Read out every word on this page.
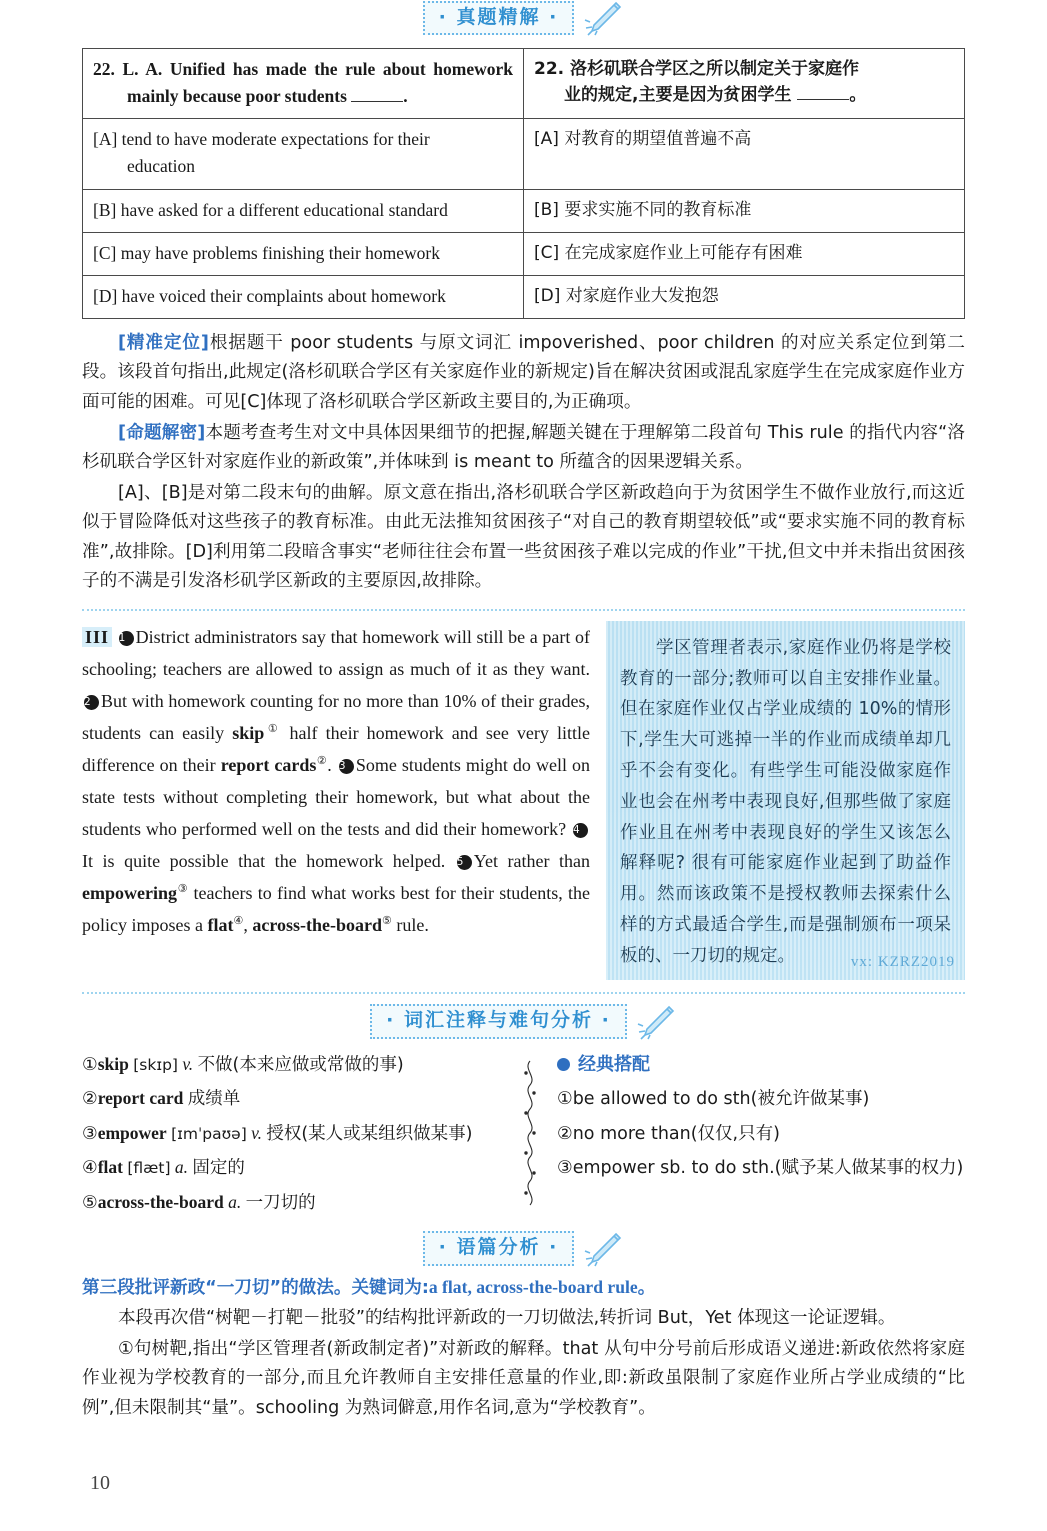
· 真题精解 ·
22. L. A. Unified has made the rule about homework
mainly because poor students .	22. 洛杉矶联合学区之所以制定关于家庭作
业的规定,主要是因为贫困学生 。

[A] tend to have moderate expectations for their
education	[A] 对教育的期望值普遍不高
[B] have asked for a different educational standard	[B] 要求实施不同的教育标准
[C] may have problems finishing their homework	[C] 在完成家庭作业上可能存有困难
[D] have voiced their complaints about homework	[D] 对家庭作业大发抱怨

[精准定位]根据题干 poor students 与原文词汇 impoverished、poor children 的对应关系定位到第二段。该段首句指出,此规定(洛杉矶联合学区有关家庭作业的新规定)旨在解决贫困或混乱家庭学生在完成家庭作业方面可能的困难。可见[C]体现了洛杉矶联合学区新政主要目的,为正确项。

[命题解密]本题考查考生对文中具体因果细节的把握,解题关键在于理解第二段首句 This rule 的指代内容“洛杉矶联合学区针对家庭作业的新政策”,并体味到 is meant to 所蕴含的因果逻辑关系。

[A]、[B]是对第二段末句的曲解。原文意在指出,洛杉矶联合学区新政趋向于为贫困学生不做作业放行,而这近似于冒险降低对这些孩子的教育标准。由此无法推知贫困孩子“对自己的教育期望较低”或“要求实施不同的教育标准”,故排除。[D]利用第二段暗含事实“老师往往会布置一些贫困孩子难以完成的作业”干扰,但文中并未指出贫困孩子的不满是引发洛杉矶学区新政的主要原因,故排除。

III 1 District administrators say that homework will still be a part of schooling; teachers are allowed to assign as much of it as they want. 2 But with homework counting for no more than 10% of their grades, students can easily skip① half their homework and see very little difference on their report cards②. 3 Some students might do well on state tests without completing their homework, but what about the students who performed well on the tests and did their homework? 4It is quite possible that the homework helped. 5 Yet rather than empowering③ teachers to find what works best for their students, the policy imposes a flat④, across-the-board⑤ rule.

学区管理者表示,家庭作业仍将是学校教育的一部分;教师可以自主安排作业量。但在家庭作业仅占学业成绩的 10%的情形下,学生大可逃掉一半的作业而成绩单却几乎不会有变化。有些学生可能没做家庭作业也会在州考中表现良好,但那些做了家庭作业且在州考中表现良好的学生又该怎么解释呢? 很有可能家庭作业起到了助益作用。然而该政策不是授权教师去探索什么样的方式最适合学生,而是强制颁布一项呆板的、一刀切的规定。	vx: KZRZ2019
· 词汇注释与难句分析 ·
①skip [skɪp] v. 不做(本来应做或常做的事)
②report card 成绩单
③empower [ɪmˈpaʊə] v. 授权(某人或某组织做某事)
④flat [flæt] a. 固定的
⑤across-the-board a. 一刀切的
经典搭配
①be allowed to do sth(被允许做某事)
②no more than(仅仅,只有)
③empower sb. to do sth.(赋予某人做某事的权力)
· 语篇分析 ·

第三段批评新政“一刀切”的做法。关键词为:a flat, across-the-board rule。

本段再次借“树靶－打靶－批驳”的结构批评新政的一刀切做法,转折词 But，Yet 体现这一论证逻辑。

①句树靶,指出“学区管理者(新政制定者)”对新政的解释。that 从句中分号前后形成语义递进:新政依然将家庭作业视为学校教育的一部分,而且允许教师自主安排任意量的作业,即:新政虽限制了家庭作业所占学业成绩的“比例”,但未限制其“量”。schooling 为熟词僻意,用作名词,意为“学校教育”。

10
